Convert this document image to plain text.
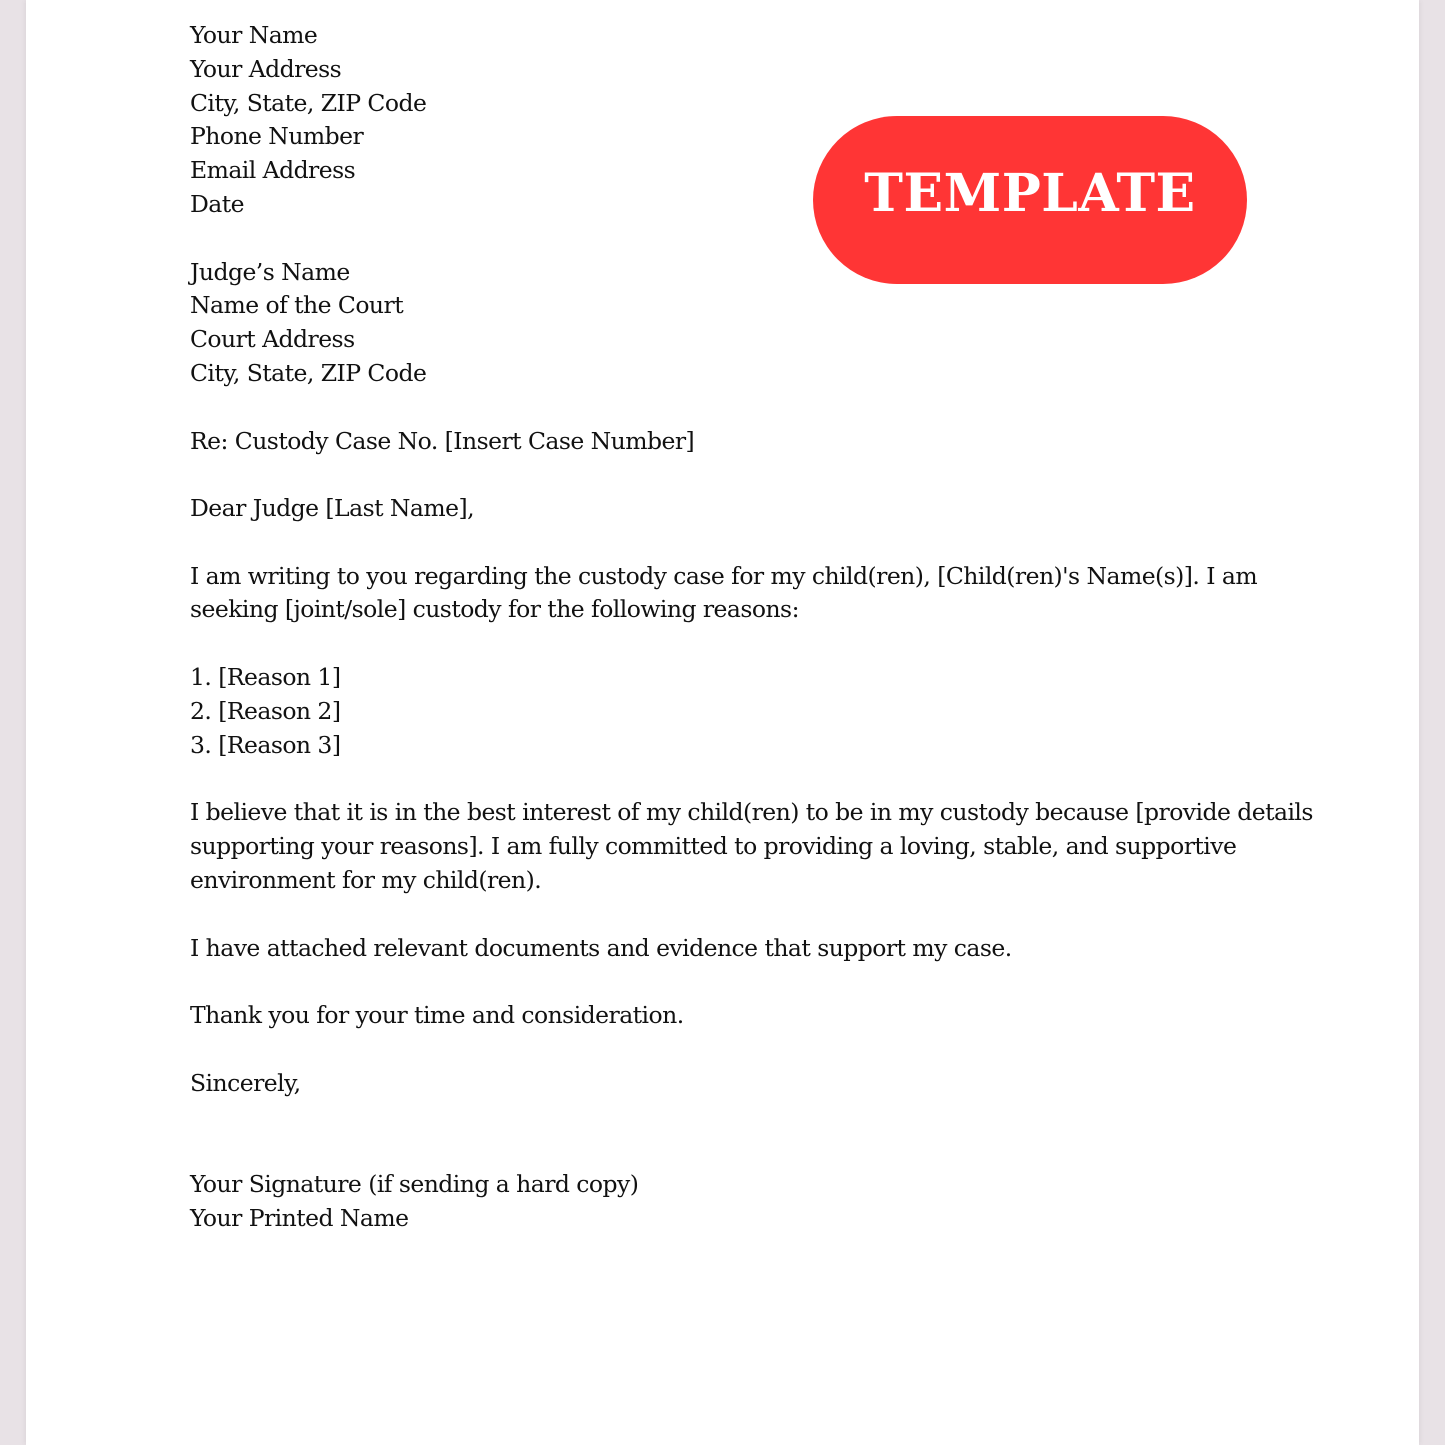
Your Name

Your Address

City, State, ZIP Code

Phone Number

Email Address

Date	TEMPLATE

Judge’s Name

Name of the Court

Court Address

City, State, ZIP Code

Re: Custody Case No. [Insert Case Number]

Dear Judge [Last Name],

I am writing to you regarding the custody case for my child(ren), [Child(ren)'s Name(s)]. I am

seeking [joint/sole] custody for the following reasons:

1. [Reason 1]

2. [Reason 2]

3. [Reason 3]

I believe that it is in the best interest of my child(ren) to be in my custody because [provide details

supporting your reasons]. I am fully committed to providing a loving, stable, and supportive

environment for my child(ren).

I have attached relevant documents and evidence that support my case.

Thank you for your time and consideration.

Sincerely,

Your Signature (if sending a hard copy)

Your Printed Name
